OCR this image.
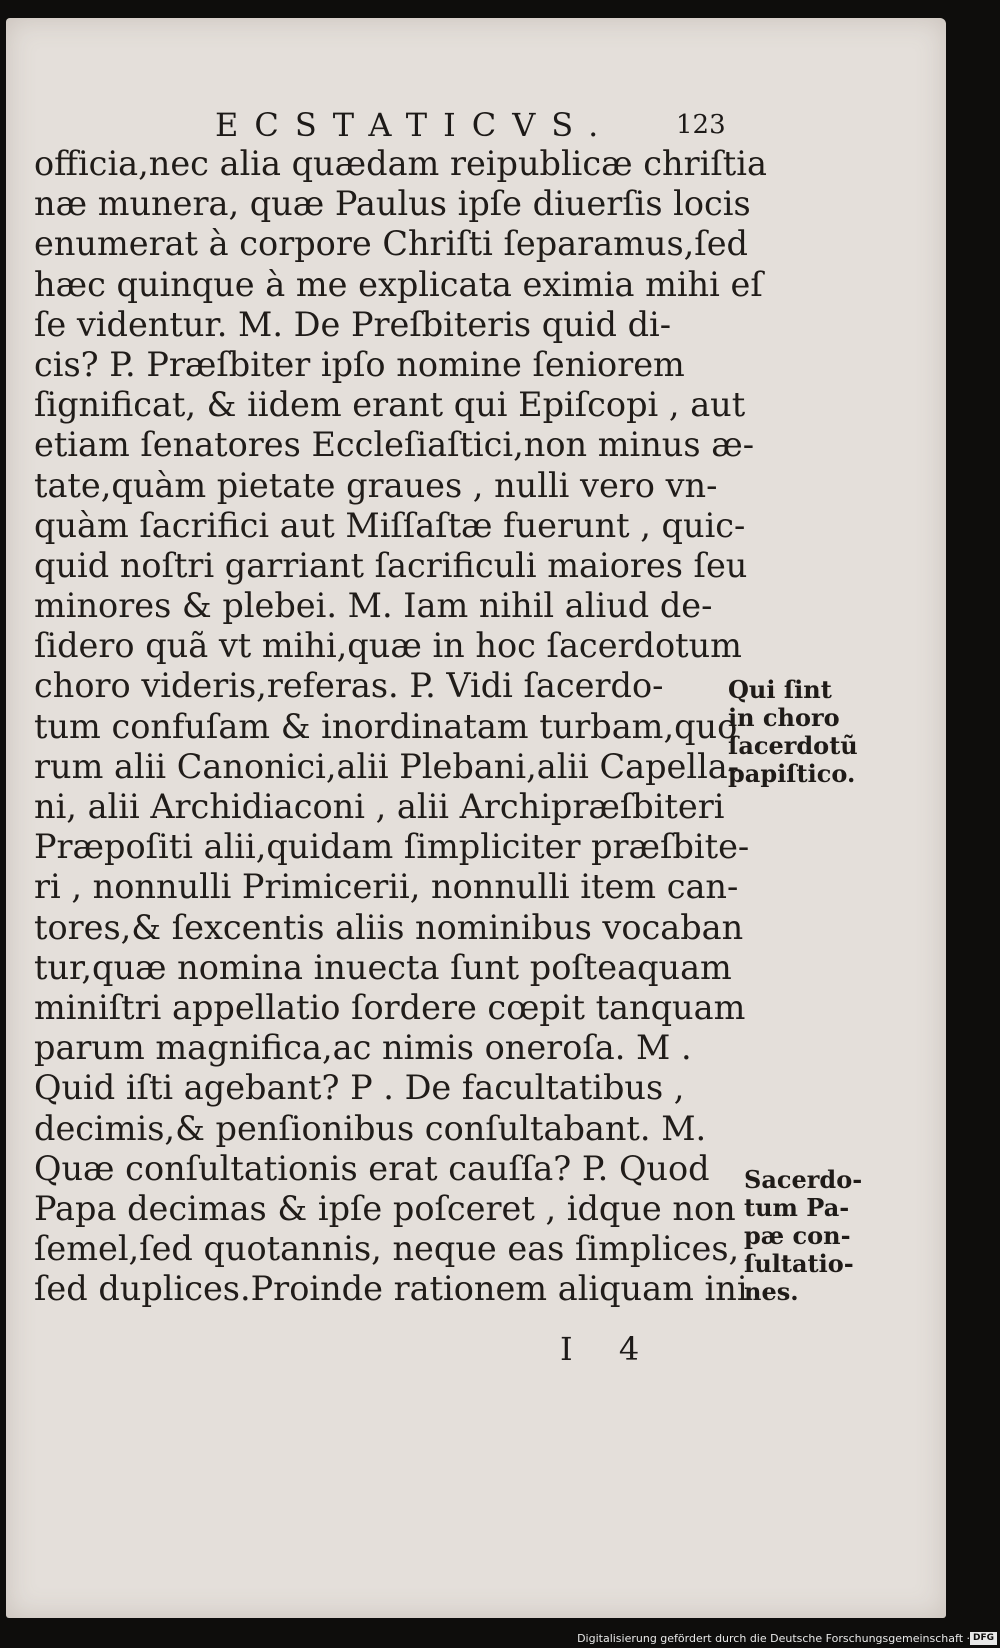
ECSTATICVS. 123
officia,nec alia quædam reipublicæ chriſtia
næ munera, quæ Paulus ipſe diuerſis locis
enumerat à corpore Chriſti ſeparamus,ſed
hæc quinque à me explicata eximia mihi eſ
ſe videntur. M. De Preſbiteris quid di-
cis? P. Præſbiter ipſo nomine ſeniorem
ſignificat, & iidem erant qui Epiſcopi , aut
etiam ſenatores Eccleſiaſtici,non minus æ-
tate,quàm pietate graues , nulli vero vn-
quàm ſacrifici aut Miſſaſtæ fuerunt , quic-
quid noſtri garriant ſacrificuli maiores ſeu
minores & plebei. M. Iam nihil aliud de-
ſidero quã vt mihi,quæ in hoc ſacerdotum
choro videris,referas. P. Vidi ſacerdo-
tum confuſam & inordinatam turbam,quo
rum alii Canonici,alii Plebani,alii Capella-
ni, alii Archidiaconi , alii Archipræſbiteri
Præpoſiti alii,quidam ſimpliciter præſbite-
ri , nonnulli Primicerii, nonnulli item can-
tores,& ſexcentis aliis nominibus vocaban
tur,quæ nomina inuecta ſunt poſteaquam
miniſtri appellatio ſordere cœpit tanquam
parum magnifica,ac nimis oneroſa. M .
Quid iſti agebant? P . De facultatibus ,
decimis,& penſionibus conſultabant. M.
Quæ conſultationis erat cauſſa? P. Quod
Papa decimas & ipſe poſceret , idque non
ſemel,ſed quotannis, neque eas ſimplices,
ſed duplices.Proinde rationem aliquam ini
Qui ſint
in choro
ſacerdotũ
papiſtico.
Sacerdo-
tum Pa-
pæ con-
ſultatio-
nes.
I 4
Digitalisierung gefördert durch die Deutsche Forschungsgemeinschaft · DFG
